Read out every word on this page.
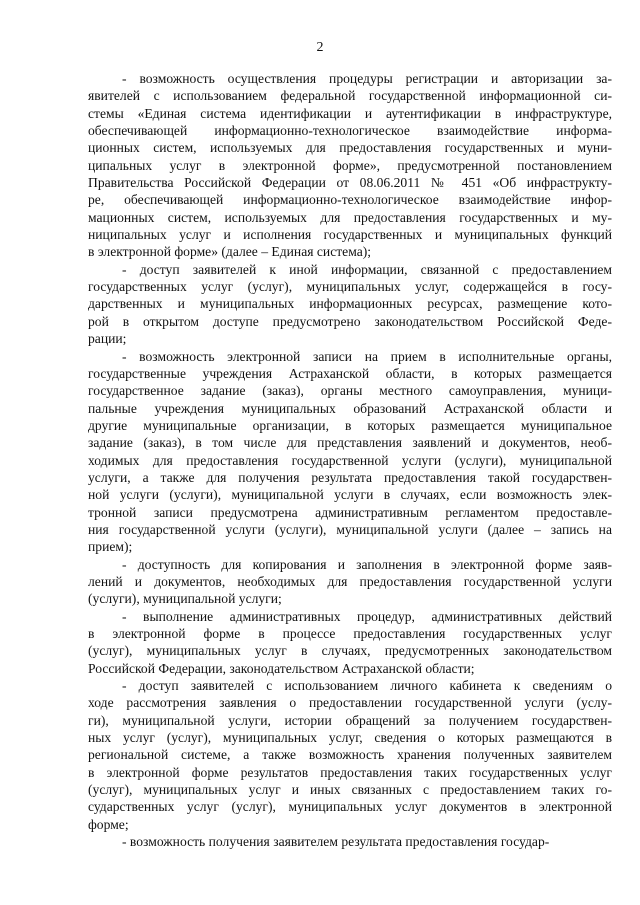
2

- возможность осуществления процедуры регистрации и авторизации за-
явителей с использованием федеральной государственной информационной си-
стемы «Единая система идентификации и аутентификации в инфраструктуре,
обеспечивающей информационно-технологическое взаимодействие информа-
ционных систем, используемых для предоставления государственных и муни-
ципальных услуг в электронной форме», предусмотренной постановлением
Правительства Российской Федерации от 08.06.2011 № 451 «Об инфраструкту-
ре, обеспечивающей информационно-технологическое взаимодействие инфор-
мационных систем, используемых для предоставления государственных и му-
ниципальных услуг и исполнения государственных и муниципальных функций
в электронной форме» (далее – Единая система);

- доступ заявителей к иной информации, связанной с предоставлением
государственных услуг (услуг), муниципальных услуг, содержащейся в госу-
дарственных и муниципальных информационных ресурсах, размещение кото-
рой в открытом доступе предусмотрено законодательством Российской Феде-
рации;

- возможность электронной записи на прием в исполнительные органы,
государственные учреждения Астраханской области, в которых размещается
государственное задание (заказ), органы местного самоуправления, муници-
пальные учреждения муниципальных образований Астраханской области и
другие муниципальные организации, в которых размещается муниципальное
задание (заказ), в том числе для представления заявлений и документов, необ-
ходимых для предоставления государственной услуги (услуги), муниципальной
услуги, а также для получения результата предоставления такой государствен-
ной услуги (услуги), муниципальной услуги в случаях, если возможность элек-
тронной записи предусмотрена административным регламентом предоставле-
ния государственной услуги (услуги), муниципальной услуги (далее – запись на
прием);

- доступность для копирования и заполнения в электронной форме заяв-
лений и документов, необходимых для предоставления государственной услуги
(услуги), муниципальной услуги;

- выполнение административных процедур, административных действий
в электронной форме в процессе предоставления государственных услуг
(услуг), муниципальных услуг в случаях, предусмотренных законодательством
Российской Федерации, законодательством Астраханской области;

- доступ заявителей с использованием личного кабинета к сведениям о
ходе рассмотрения заявления о предоставлении государственной услуги (услу-
ги), муниципальной услуги, истории обращений за получением государствен-
ных услуг (услуг), муниципальных услуг, сведения о которых размещаются в
региональной системе, а также возможность хранения полученных заявителем
в электронной форме результатов предоставления таких государственных услуг
(услуг), муниципальных услуг и иных связанных с предоставлением таких го-
сударственных услуг (услуг), муниципальных услуг документов в электронной
форме;

- возможность получения заявителем результата предоставления государ-
